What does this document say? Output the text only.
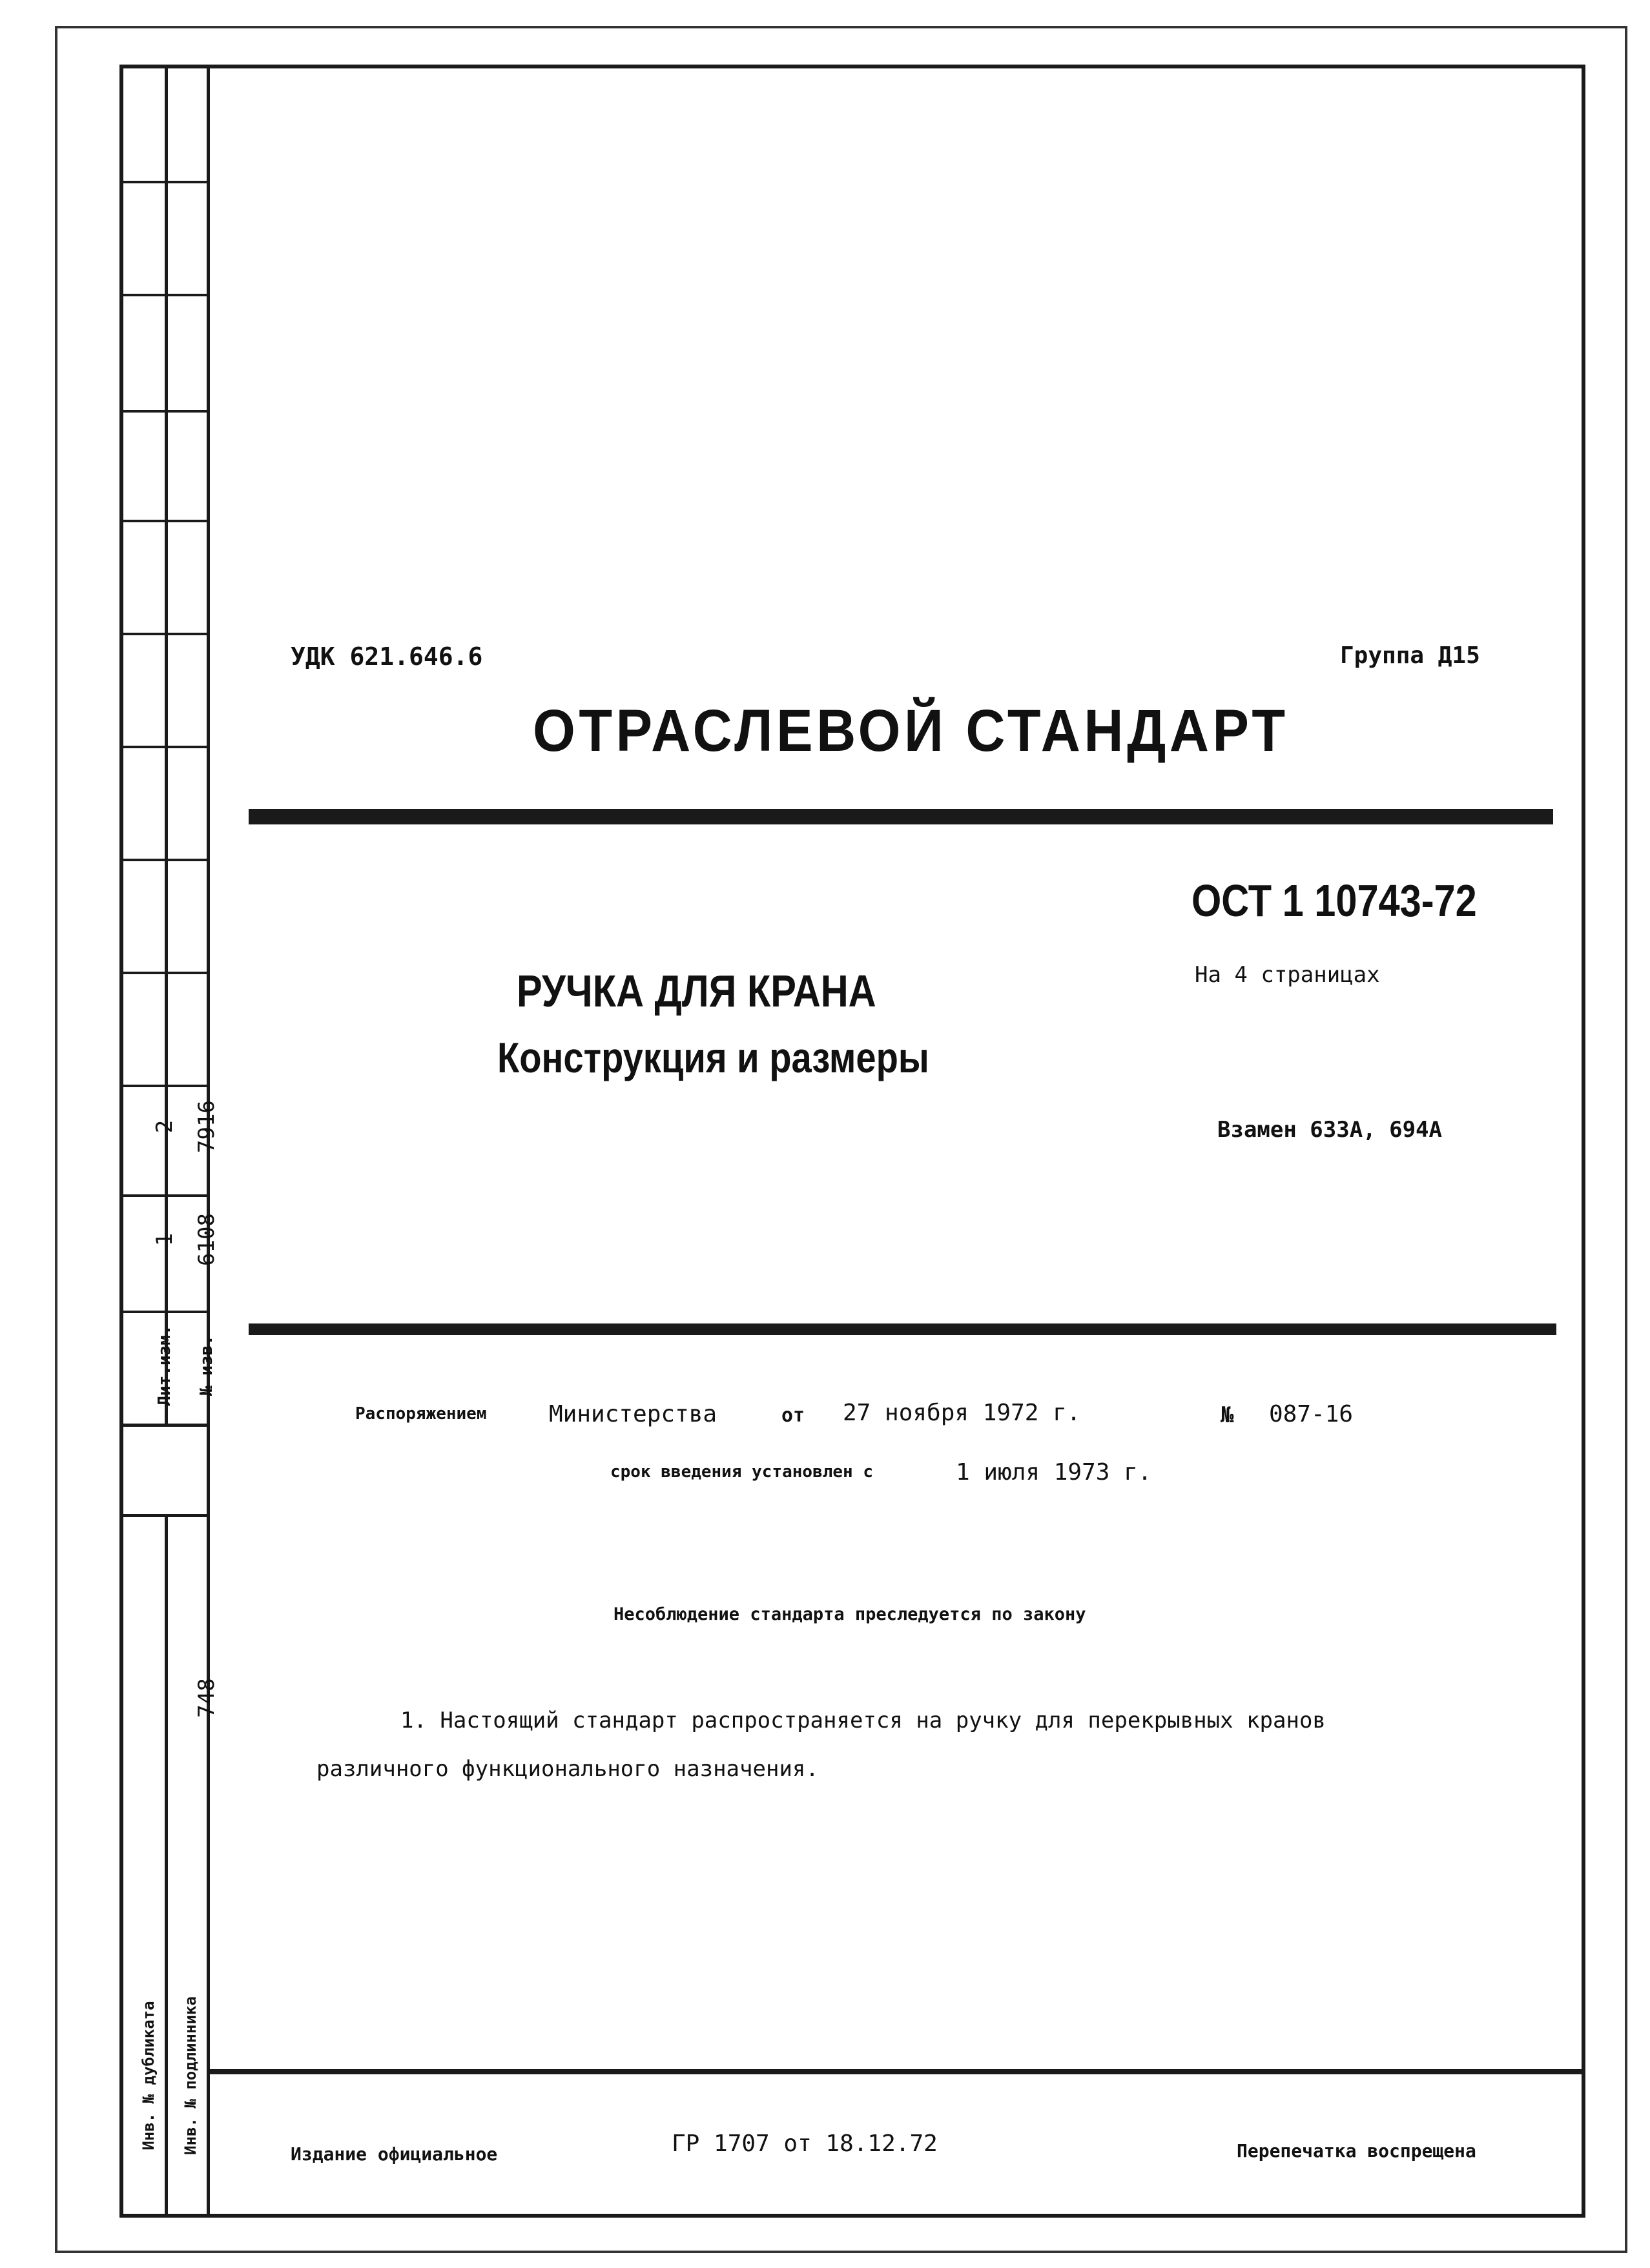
Лит.изм. № изв.
1 6108
2 7916
748
Инв. № дубликата Инв. № подлинника
УДК 621.646.6	Группа Д15
ОТРАСЛЕВОЙ СТАНДАРТ
ОСТ 1 10743-72
На 4 страницах
РУЧКА ДЛЯ КРАНА
Конструкция и размеры
Взамен 633А, 694А
Распоряжением	Министерства	от 27 ноября 1972 г.	№ 087-16
срок введения установлен с	1 июля 1973 г.
Несоблюдение стандарта преследуется по закону
1. Настоящий стандарт распространяется на ручку для перекрывных кранов
различного функционального назначения.
Издание официальное	ГР 1707 от 18.12.72	Перепечатка воспрещена
